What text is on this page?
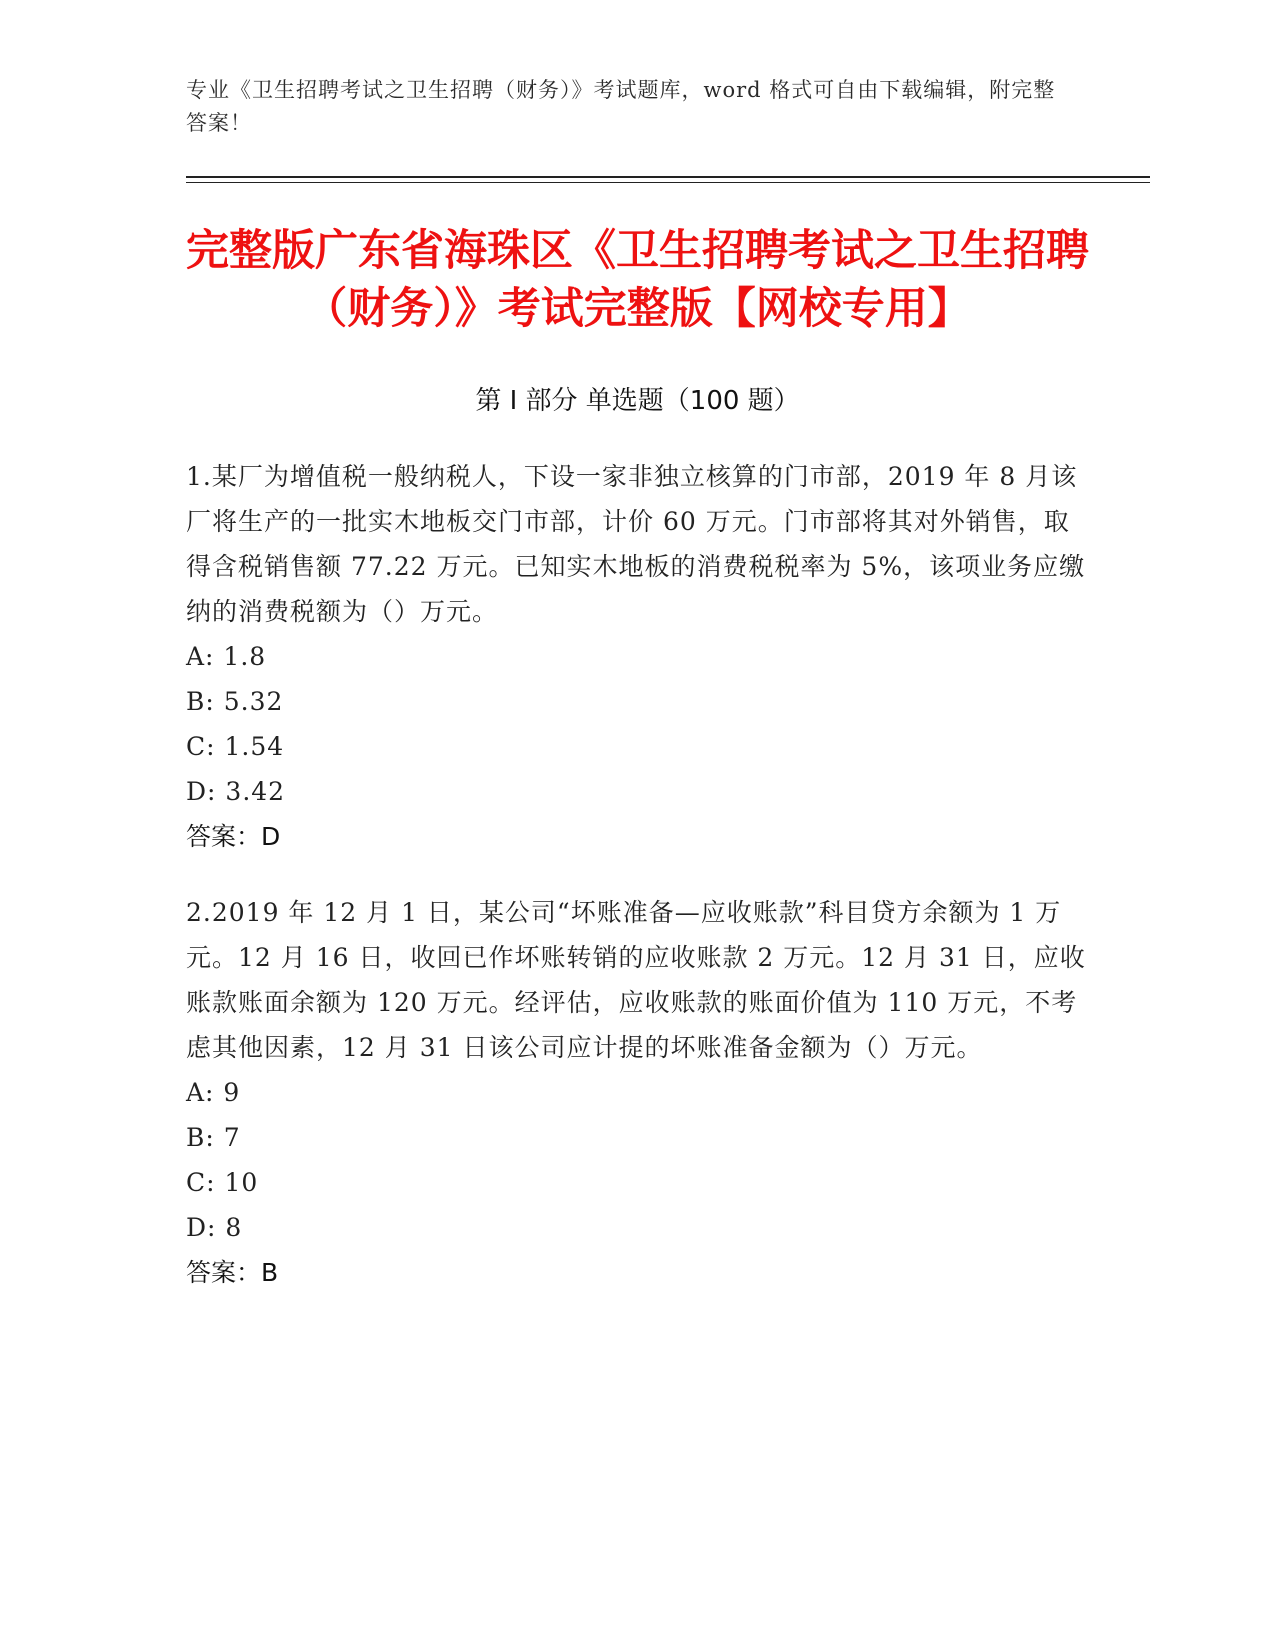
专业《卫生招聘考试之卫生招聘（财务）》考试题库，word 格式可自由下载编辑，附完整答案！
完整版广东省海珠区《卫生招聘考试之卫生招聘（财务）》考试完整版【网校专用】
第 I 部分 单选题（100 题）

1.某厂为增值税一般纳税人，下设一家非独立核算的门市部，2019 年 8 月该厂将生产的一批实木地板交门市部，计价 60 万元。门市部将其对外销售，取得含税销售额 77.22 万元。已知实木地板的消费税税率为 5%，该项业务应缴纳的消费税额为（）万元。

A: 1.8

B: 5.32

C: 1.54

D: 3.42

答案：D

2.2019 年 12 月 1 日，某公司“坏账准备—应收账款”科目贷方余额为 1 万元。12 月 16 日，收回已作坏账转销的应收账款 2 万元。12 月 31 日，应收账款账面余额为 120 万元。经评估，应收账款的账面价值为 110 万元，不考虑其他因素，12 月 31 日该公司应计提的坏账准备金额为（）万元。

A: 9

B: 7

C: 10

D: 8

答案：B
